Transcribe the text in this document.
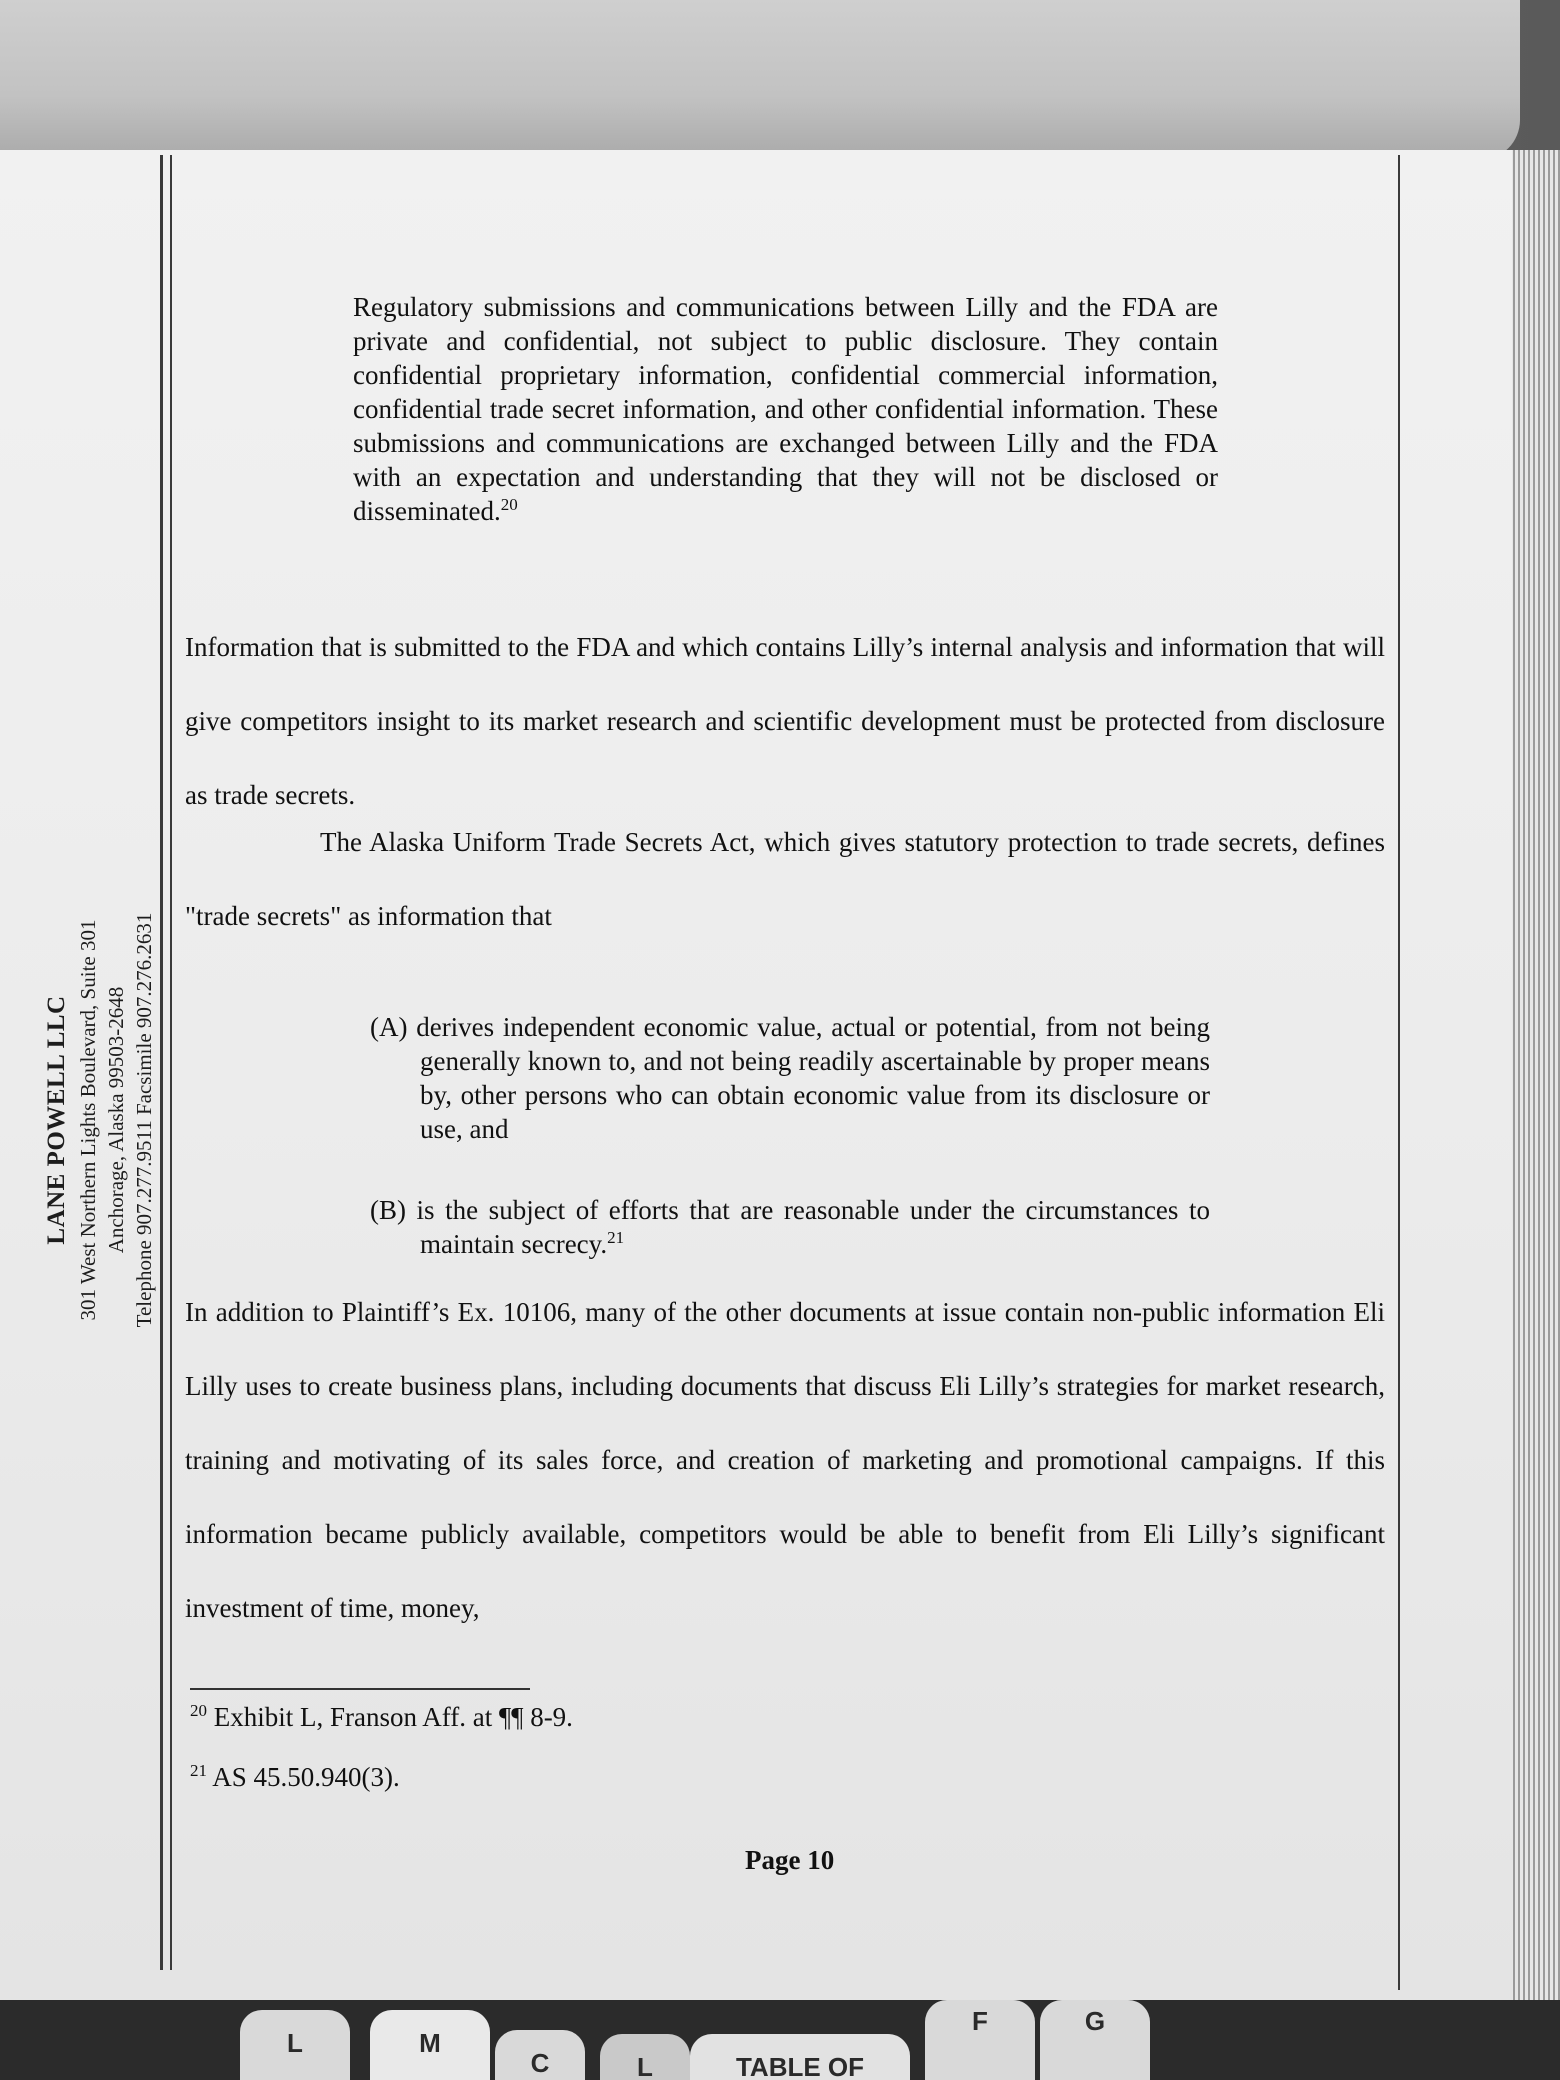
LANE POWELL LLC 301 West Northern Lights Boulevard, Suite 301 Anchorage, Alaska 99503-2648 Telephone 907.277.9511 Facsimile 907.276.2631
Regulatory submissions and communications between Lilly and the FDA are private and confidential, not subject to public disclosure. They contain confidential proprietary information, confidential commercial information, confidential trade secret information, and other confidential information. These submissions and communications are exchanged between Lilly and the FDA with an expectation and understanding that they will not be disclosed or disseminated.$^{20}$
Information that is submitted to the FDA and which contains Lilly’s internal analysis and information that will give competitors insight to its market research and scientific development must be protected from disclosure as trade secrets.
The Alaska Uniform Trade Secrets Act, which gives statutory protection to trade secrets, defines "trade secrets" as information that
(A) derives independent economic value, actual or potential, from not being generally known to, and not being readily ascertainable by proper means by, other persons who can obtain economic value from its disclosure or use, and
(B) is the subject of efforts that are reasonable under the circumstances to maintain secrecy.$^{21}$
In addition to Plaintiff’s Ex. 10106, many of the other documents at issue contain non-public information Eli Lilly uses to create business plans, including documents that discuss Eli Lilly’s strategies for market research, training and motivating of its sales force, and creation of marketing and promotional campaigns. If this information became publicly available, competitors would be able to benefit from Eli Lilly’s significant investment of time, money,
$^{20}$ Exhibit L, Franson Aff. at ¶¶ 8-9.
$^{21}$ AS 45.50.940(3).
Page 10
L	M
C	L	TABLE OF
F	G
